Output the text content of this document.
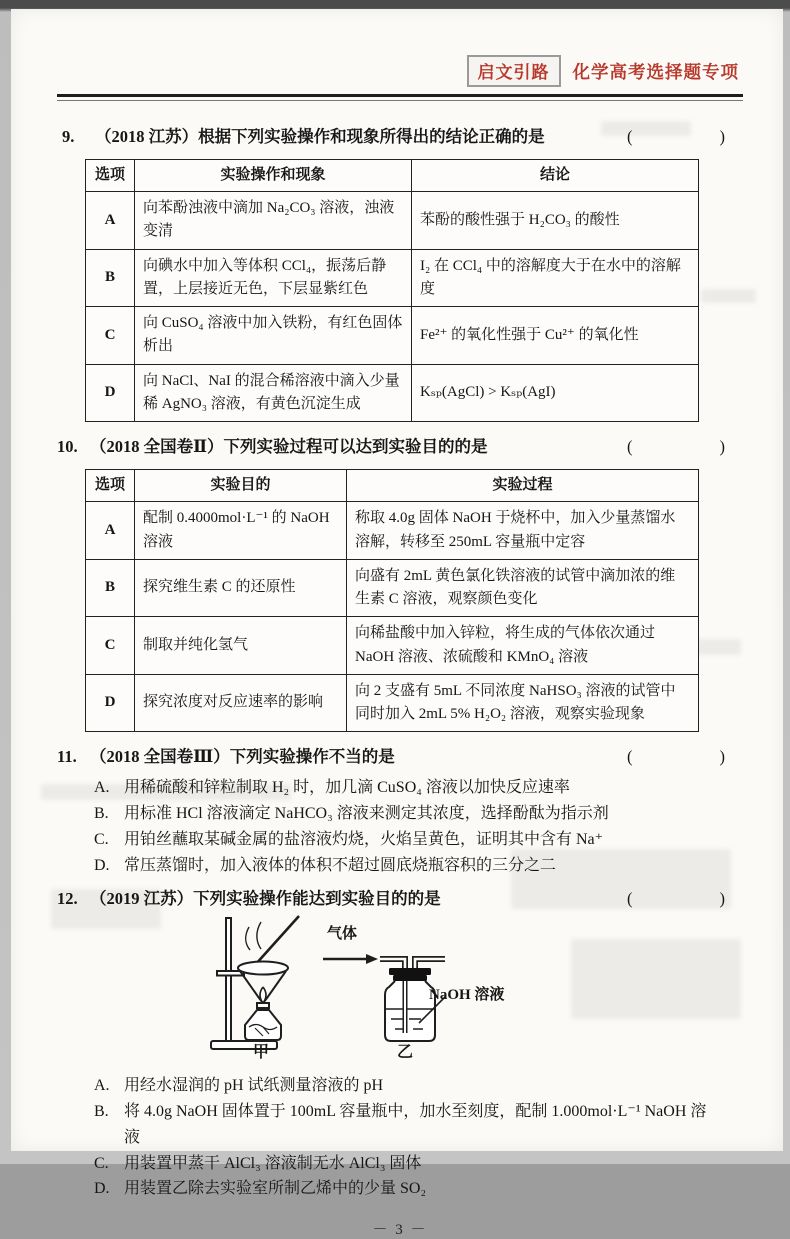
启文引路	化学高考选择题专项
9.	（2018 江苏）根据下列实验操作和现象所得出的结论正确的是	(　　)
选项	实验操作和现象	结论
A	向苯酚浊液中滴加 Na₂CO₃ 溶液，浊液变清	苯酚的酸性强于 H₂CO₃ 的酸性
B	向碘水中加入等体积 CCl₄，振荡后静置，上层接近无色，下层显紫红色	I₂ 在 CCl₄ 中的溶解度大于在水中的溶解度
C	向 CuSO₄ 溶液中加入铁粉，有红色固体析出	Fe²⁺ 的氧化性强于 Cu²⁺ 的氧化性
D	向 NaCl、NaI 的混合稀溶液中滴入少量稀 AgNO₃ 溶液，有黄色沉淀生成	Kₛₚ(AgCl) > Kₛₚ(AgI)
10. （2018 全国卷Ⅱ）下列实验过程可以达到实验目的的是	(　　)
选项	实验目的	实验过程
A	配制 0.4000mol·L⁻¹ 的 NaOH 溶液	称取 4.0g 固体 NaOH 于烧杯中，加入少量蒸馏水溶解，转移至 250mL 容量瓶中定容
B	探究维生素 C 的还原性	向盛有 2mL 黄色氯化铁溶液的试管中滴加浓的维生素 C 溶液，观察颜色变化
C	制取并纯化氢气	向稀盐酸中加入锌粒，将生成的气体依次通过 NaOH 溶液、浓硫酸和 KMnO₄ 溶液
D	探究浓度对反应速率的影响	向 2 支盛有 5mL 不同浓度 NaHSO₃ 溶液的试管中同时加入 2mL 5% H₂O₂ 溶液，观察实验现象
11. （2018 全国卷Ⅲ）下列实验操作不当的是	(　　)
A. 用稀硫酸和锌粒制取 H₂ 时，加几滴 CuSO₄ 溶液以加快反应速率
B. 用标准 HCl 溶液滴定 NaHCO₃ 溶液来测定其浓度，选择酚酞为指示剂
C. 用铂丝蘸取某碱金属的盐溶液灼烧，火焰呈黄色，证明其中含有 Na⁺
D. 常压蒸馏时，加入液体的体积不超过圆底烧瓶容积的三分之二
12. （2019 江苏）下列实验操作能达到实验目的的是	(　　)
甲
气体
NaOH 溶液
乙
A. 用经水湿润的 pH 试纸测量溶液的 pH
B. 将 4.0g NaOH 固体置于 100mL 容量瓶中，加水至刻度，配制 1.000mol·L⁻¹ NaOH 溶液
C. 用装置甲蒸干 AlCl₃ 溶液制无水 AlCl₃ 固体
D. 用装置乙除去实验室所制乙烯中的少量 SO₂
－ 3 －
